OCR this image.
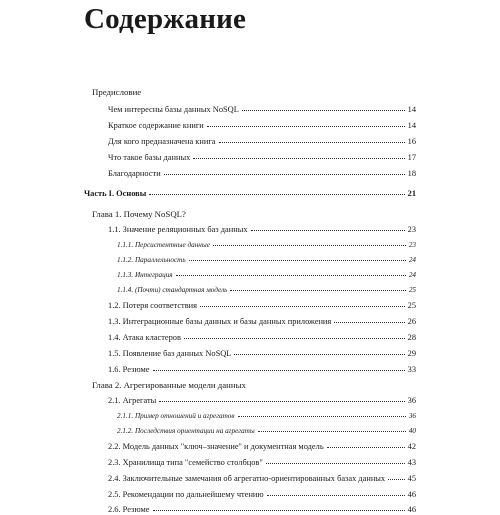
Содержание
Предисловие
Чем интересны базы данных NoSQL	14
Краткое содержание книги	14
Для кого предназначена книга	16
Что такое базы данных	17
Благодарности	18
Часть I. Основы	21
Глава 1. Почему NoSQL?
1.1. Значение реляционных баз данных	23
1.1.1. Персистентные данные	23
1.1.2. Параллельность	24
1.1.3. Интеграция	24
1.1.4. (Почти) стандартная модель	25
1.2. Потеря соответствия	25
1.3. Интеграционные базы данных и базы данных приложения	26
1.4. Атака кластеров	28
1.5. Появление баз данных NoSQL	29
1.6. Резюме	33
Глава 2. Агрегированные модели данных
2.1. Агрегаты	36
2.1.1. Пример отношений и агрегатов	36
2.1.2. Последствия ориентации на агрегаты	40
2.2. Модель данных "ключ–значение" и документная модель	42
2.3. Хранилища типа "семейство столбцов"	43
2.4. Заключительные замечания об агрегатно-ориентированных базах данных	45
2.5. Рекомендации по дальнейшему чтению	46
2.6. Резюме	46
